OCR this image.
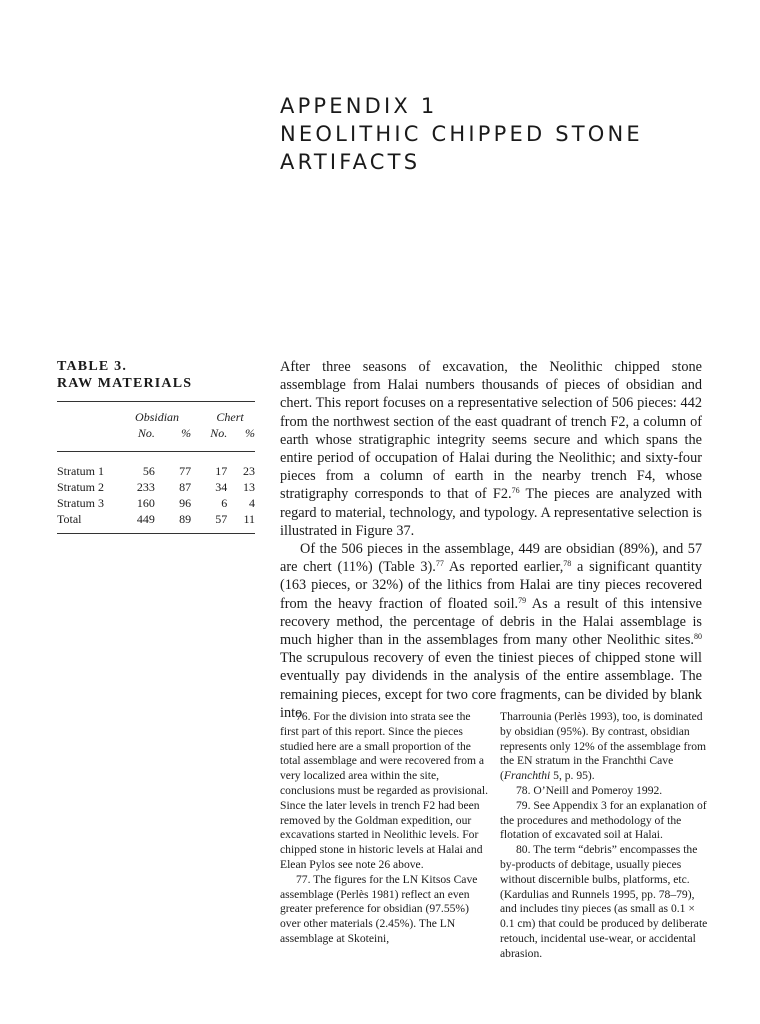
APPENDIX 1
NEOLITHIC CHIPPED STONE
ARTIFACTS
TABLE 3.
RAW MATERIALS
	Obsidian		Chert	
	No.	%	No.	%

Stratum 1	56	77	17	23
Stratum 2	233	87	34	13
Stratum 3	160	96	6	4
Total	449	89	57	11

After three seasons of excavation, the Neolithic chipped stone assemblage from Halai numbers thousands of pieces of obsidian and chert. This report focuses on a representative selection of 506 pieces: 442 from the northwest section of the east quadrant of trench F2, a column of earth whose stratigraphic integrity seems secure and which spans the entire period of occupation of Halai during the Neolithic; and sixty-four pieces from a column of earth in the nearby trench F4, whose stratigraphy corresponds to that of F2.76 The pieces are analyzed with regard to material, technology, and typology. A representative selection is illustrated in Figure 37.

Of the 506 pieces in the assemblage, 449 are obsidian (89%), and 57 are chert (11%) (Table 3).$^{77}$ As reported earlier,$^{78}$ a significant quantity (163 pieces, or 32%) of the lithics from Halai are tiny pieces recovered from the heavy fraction of floated soil.$^{79}$ As a result of this intensive recovery method, the percentage of debris in the Halai assemblage is much higher than in the assemblages from many other Neolithic sites.$^{80}$ The scrupulous recovery of even the tiniest pieces of chipped stone will eventually pay dividends in the analysis of the entire assemblage. The remaining pieces, except for two core fragments, can be divided by blank into

76. For the division into strata see the first part of this report. Since the pieces studied here are a small proportion of the total assemblage and were recovered from a very localized area within the site, conclusions must be regarded as provisional. Since the later levels in trench F2 had been removed by the Goldman expedition, our excavations started in Neolithic levels. For chipped stone in historic levels at Halai and Elean Pylos see note 26 above.

77. The figures for the LN Kitsos Cave assemblage (Perlès 1981) reflect an even greater preference for obsidian (97.55%) over other materials (2.45%). The LN assemblage at Skoteini,

Tharrounia (Perlès 1993), too, is dominated by obsidian (95%). By contrast, obsidian represents only 12% of the assemblage from the EN stratum in the Franchthi Cave (Franchthi 5, p. 95).

78. O’Neill and Pomeroy 1992.

79. See Appendix 3 for an explanation of the procedures and methodology of the flotation of excavated soil at Halai.

80. The term “debris” encompasses the by-products of debitage, usually pieces without discernible bulbs, platforms, etc. (Kardulias and Runnels 1995, pp. 78–79), and includes tiny pieces (as small as 0.1 × 0.1 cm) that could be produced by deliberate retouch, incidental use-wear, or accidental abrasion.
